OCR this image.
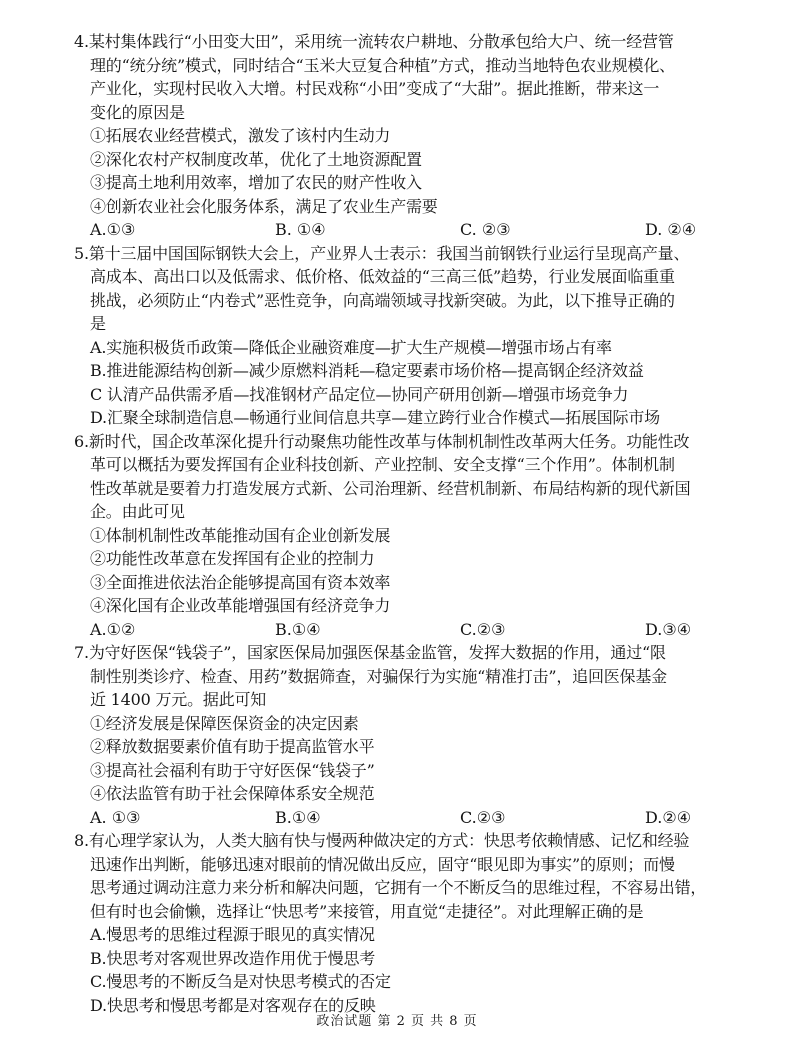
4.某村集体践行“小田变大田”，采用统一流转农户耕地、分散承包给大户、统一经营管
理的“统分统”模式，同时结合“玉米大豆复合种植”方式，推动当地特色农业规模化、
产业化，实现村民收入大增。村民戏称“小田”变成了“大甜”。据此推断，带来这一
变化的原因是
①拓展农业经营模式，激发了该村内生动力
②深化农村产权制度改革，优化了土地资源配置
③提高土地利用效率，增加了农民的财产性收入
④创新农业社会化服务体系，满足了农业生产需要
A.①③	B. ①④	C. ②③	D. ②④
5.第十三届中国国际钢铁大会上，产业界人士表示：我国当前钢铁行业运行呈现高产量、
高成本、高出口以及低需求、低价格、低效益的“三高三低”趋势，行业发展面临重重
挑战，必须防止“内卷式”恶性竞争，向高端领域寻找新突破。为此，以下推导正确的
是
A.实施积极货币政策—降低企业融资难度—扩大生产规模—增强市场占有率
B.推进能源结构创新—减少原燃料消耗—稳定要素市场价格—提高钢企经济效益
C 认清产品供需矛盾—找准钢材产品定位—协同产研用创新—增强市场竞争力
D.汇聚全球制造信息—畅通行业间信息共享—建立跨行业合作模式—拓展国际市场
6.新时代，国企改革深化提升行动聚焦功能性改革与体制机制性改革两大任务。功能性改
革可以概括为要发挥国有企业科技创新、产业控制、安全支撑“三个作用”。体制机制
性改革就是要着力打造发展方式新、公司治理新、经营机制新、布局结构新的现代新国
企。由此可见
①体制机制性改革能推动国有企业创新发展
②功能性改革意在发挥国有企业的控制力
③全面推进依法治企能够提高国有资本效率
④深化国有企业改革能增强国有经济竞争力
A.①②	B.①④	C.②③	D.③④
7.为守好医保“钱袋子”，国家医保局加强医保基金监管，发挥大数据的作用，通过“限
制性别类诊疗、检查、用药”数据筛查，对骗保行为实施“精准打击”，追回医保基金
近 1400 万元。据此可知
①经济发展是保障医保资金的决定因素
②释放数据要素价值有助于提高监管水平
③提高社会福利有助于守好医保“钱袋子”
④依法监管有助于社会保障体系安全规范
A. ①③	B.①④	C.②③	D.②④
8.有心理学家认为，人类大脑有快与慢两种做决定的方式：快思考依赖情感、记忆和经验
迅速作出判断，能够迅速对眼前的情况做出反应，固守“眼见即为事实”的原则；而慢
思考通过调动注意力来分析和解决问题，它拥有一个不断反刍的思维过程，不容易出错，
但有时也会偷懒，选择让“快思考”来接管，用直觉“走捷径”。对此理解正确的是
A.慢思考的思维过程源于眼见的真实情况
B.快思考对客观世界改造作用优于慢思考
C.慢思考的不断反刍是对快思考模式的否定
D.快思考和慢思考都是对客观存在的反映
政治试题 第 2 页 共 8 页
